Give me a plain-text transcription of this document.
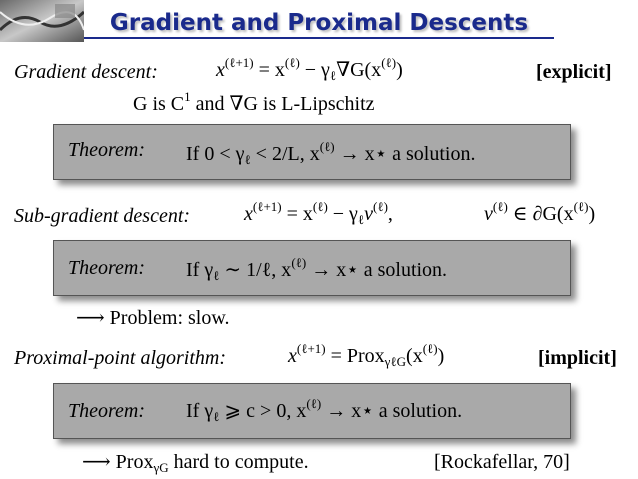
Gradient and Proximal Descents
Gradient descent:	$x^{(\ell+1)} = x^{(\ell)} - \gamma_\ell\nabla G(x^{(\ell)})$	[explicit]
G is $C^1$ and ∇G is L-Lipschitz
Theorem: If $0 < \gamma_\ell < 2/L$, $x^{(\ell)}$ → x⋆ a solution.
Sub-gradient descent:	$x^{(\ell+1)} = x^{(\ell)} - \gamma_\ell v^{(\ell)}$,	$v^{(\ell)}$ ∈ $\partial G(x^{(\ell)})$
Theorem: If $\gamma_\ell$ ∼ 1/ℓ, $x^{(\ell)}$ → x⋆ a solution.
⟶ Problem: slow.
Proximal-point algorithm:	$x^{(\ell+1)}$ = $Prox_{\gamma\ell G}(x^{(\ell)})$	[implicit]
Theorem: If $\gamma_\ell$ ⩾ c > 0, $x^{(\ell)}$ → x⋆ a solution.
⟶ Prox$_{\gamma G}$ hard to compute.	[Rockafellar, 70]
